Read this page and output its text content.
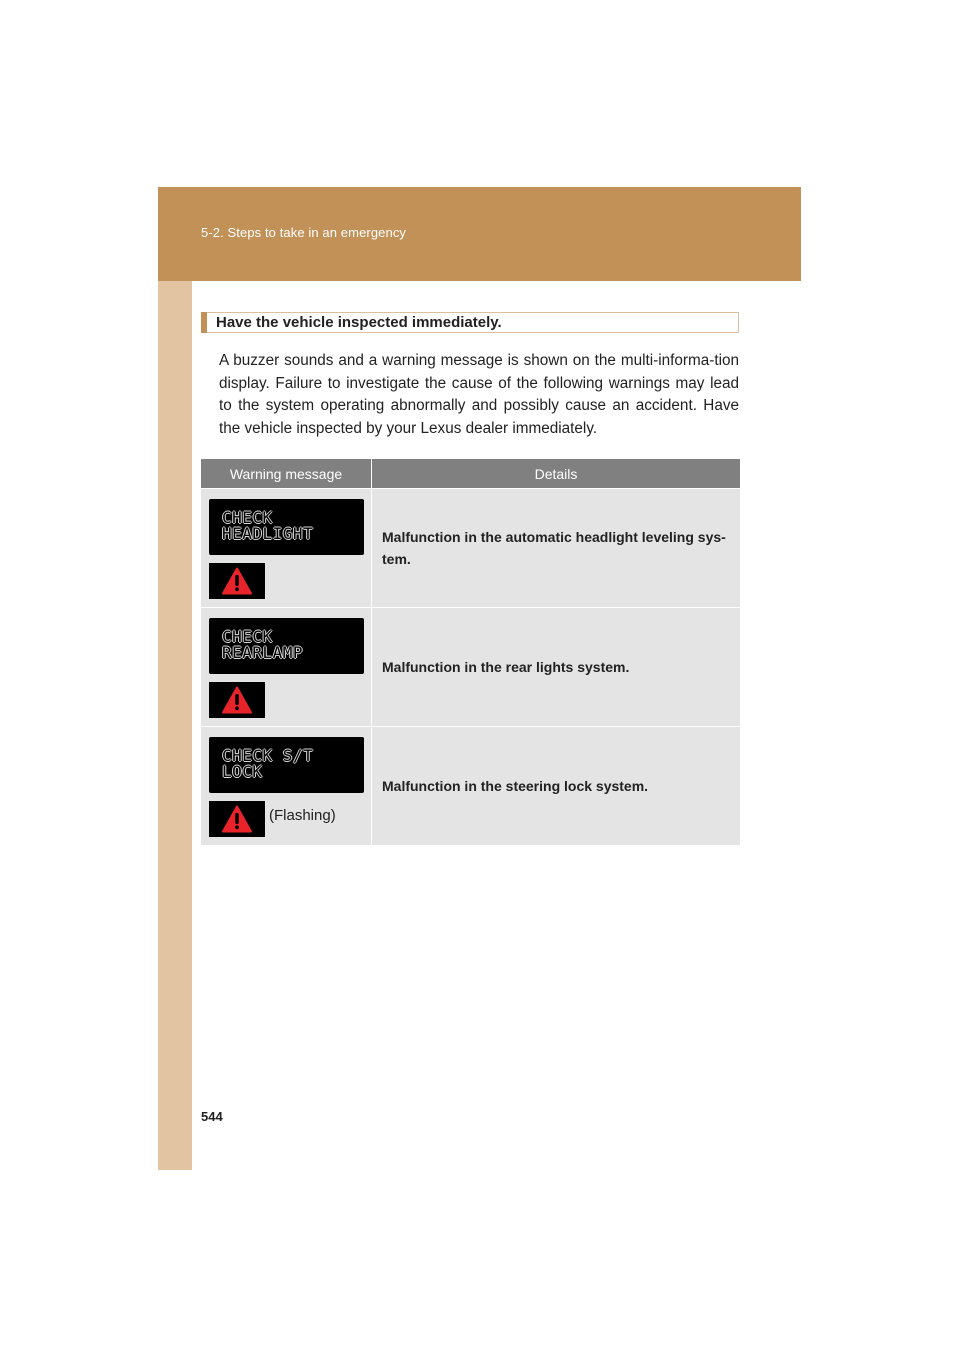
5-2. Steps to take in an emergency
Have the vehicle inspected immediately.

A buzzer sounds and a warning message is shown on the multi-informa-tion display. Failure to investigate the cause of the following warnings may lead to the system operating abnormally and possibly cause an accident. Have the vehicle inspected by your Lexus dealer immediately.

Warning message	Details
CHECK
HEADLIGHT	Malfunction in the automatic headlight leveling sys-tem.
CHECK
REARLAMP
Malfunction in the rear lights system.
CHECK S/T
LOCK
(Flashing)
Malfunction in the steering lock system.
544
